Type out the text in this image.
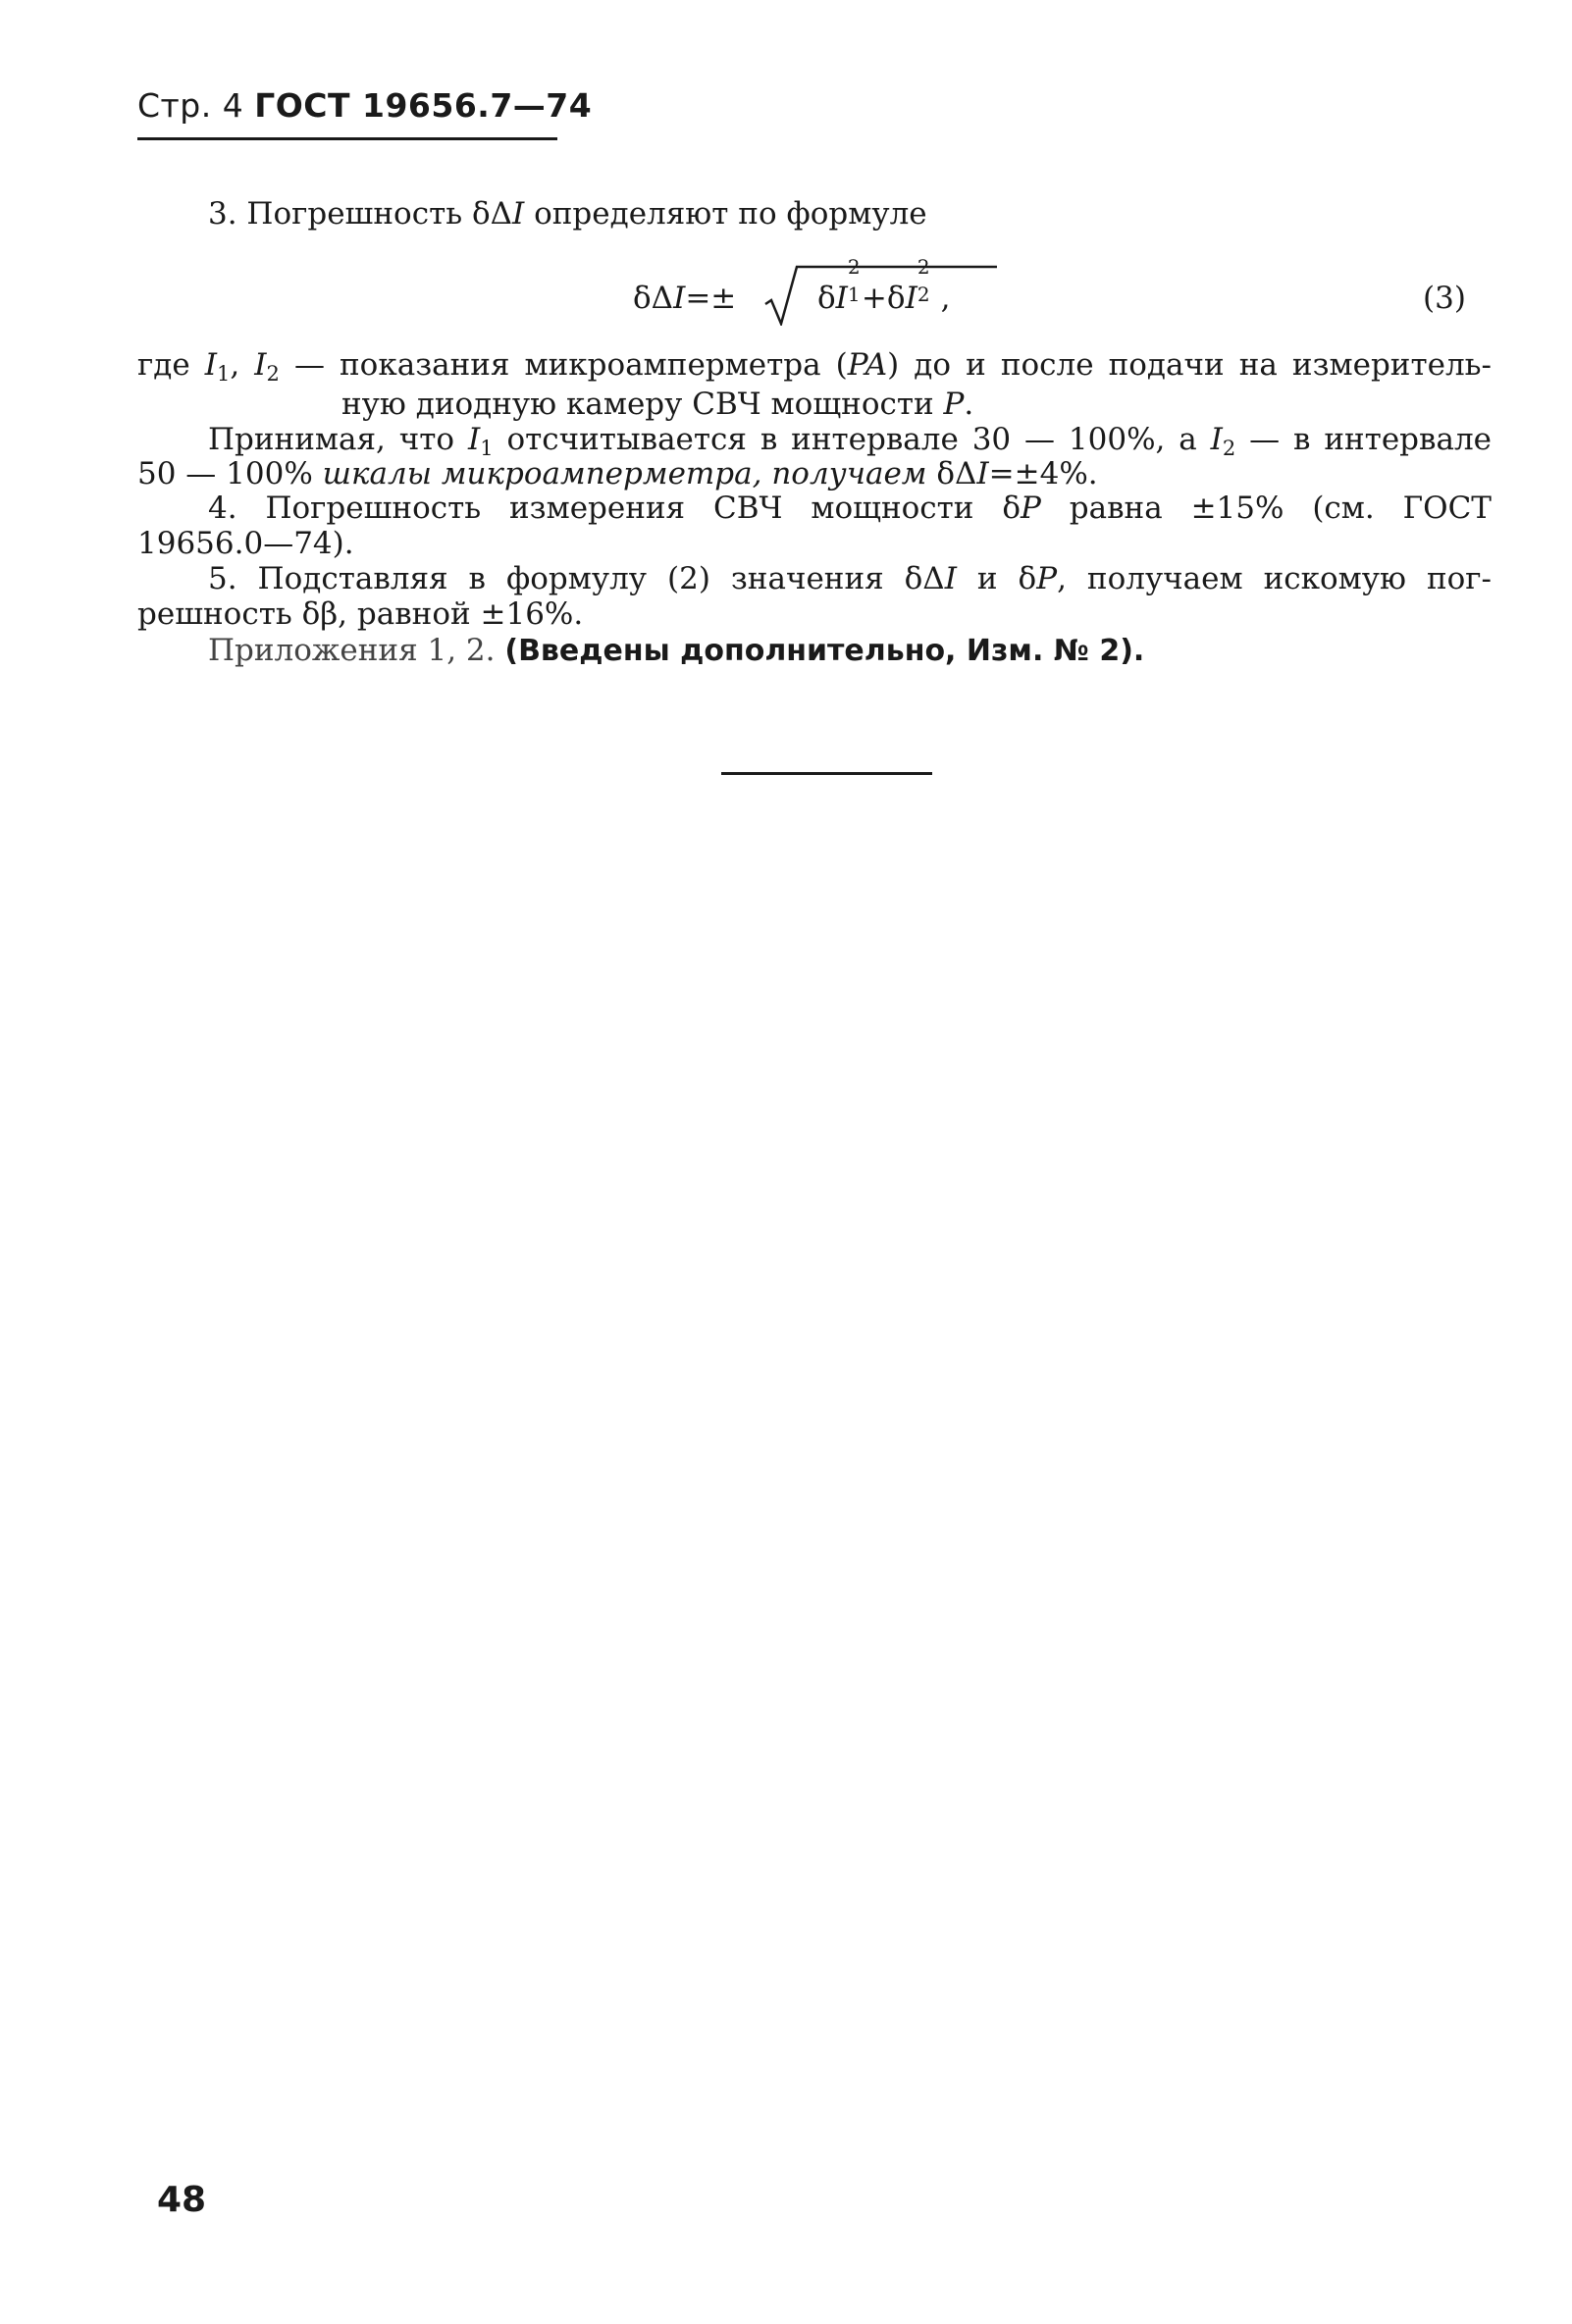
Стр. 4 ГОСТ 19656.7—74
3. Погрешность δΔI определяют по формуле
δΔI=±	δI
2
1 +δI
2
2 ,	(3)
где $I_1$, $I_2$ — показания микроамперметра (PA) до и после подачи на измеритель-
ную диодную камеру СВЧ мощности P.
Принимая, что $I_1$ отсчитывается в интервале 30 — 100%, а $I_2$ — в интервале
50 — 100% шкалы микроамперметра, получаем δΔI=±4%.
4. Погрешность измерения СВЧ мощности δP равна ±15% (см. ГОСТ
19656.0—74).
5. Подставляя в формулу (2) значения δΔI и δP, получаем искомую пог-
решность δβ, равной ±16%.
Приложения 1, 2. (Введены дополнительно, Изм. № 2).
48
